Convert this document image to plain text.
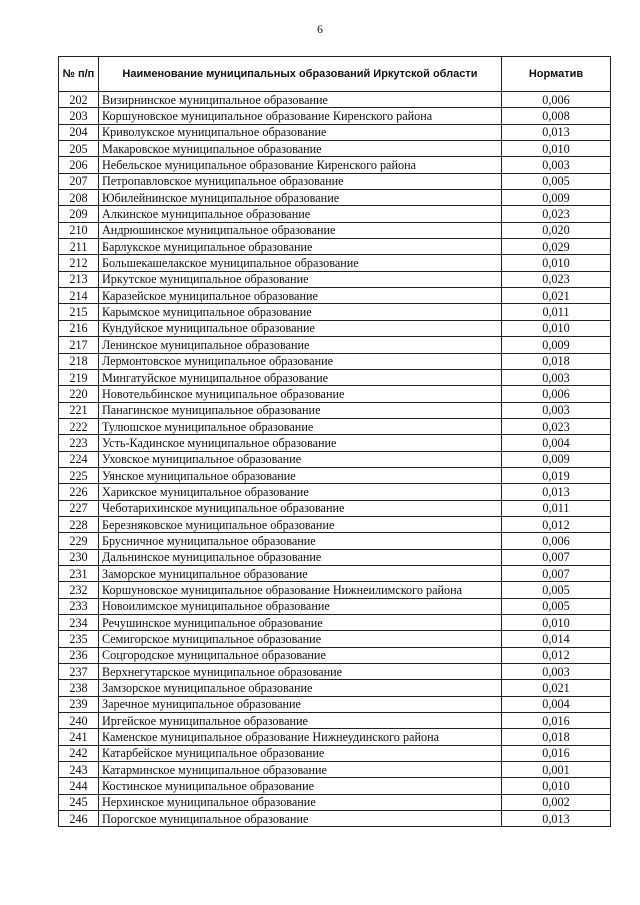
6
№ п/п	Наименование муниципальных образований Иркутской области	Норматив
202	Визирнинское муниципальное образование	0,006
203	Коршуновское муниципальное образование Киренского района	0,008
204	Криволукское муниципальное образование	0,013
205	Макаровское муниципальное образование	0,010
206	Небельское муниципальное образование Киренского района	0,003
207	Петропавловское муниципальное образование	0,005
208	Юбилейнинское муниципальное образование	0,009
209	Алкинское муниципальное образование	0,023
210	Андрюшинское муниципальное образование	0,020
211	Барлукское муниципальное образование	0,029
212	Большекашелакское муниципальное образование	0,010
213	Иркутское муниципальное образование	0,023
214	Каразейское муниципальное образование	0,021
215	Карымское муниципальное образование	0,011
216	Кундуйское муниципальное образование	0,010
217	Ленинское муниципальное образование	0,009
218	Лермонтовское муниципальное образование	0,018
219	Мингатуйское муниципальное образование	0,003
220	Новотельбинское муниципальное образование	0,006
221	Панагинское муниципальное образование	0,003
222	Тулюшское муниципальное образование	0,023
223	Усть-Кадинское муниципальное образование	0,004
224	Уховское муниципальное образование	0,009
225	Уянское муниципальное образование	0,019
226	Харикское муниципальное образование	0,013
227	Чеботарихинское муниципальное образование	0,011
228	Березняковское муниципальное образование	0,012
229	Брусничное муниципальное образование	0,006
230	Дальнинское муниципальное образование	0,007
231	Заморское муниципальное образование	0,007
232	Коршуновское муниципальное образование Нижнеилимского района	0,005
233	Новоилимское муниципальное образование	0,005
234	Речушинское муниципальное образование	0,010
235	Семигорское муниципальное образование	0,014
236	Соцгородское муниципальное образование	0,012
237	Верхнегутарское муниципальное образование	0,003
238	Замзорское муниципальное образование	0,021
239	Заречное муниципальное образование	0,004
240	Иргейское муниципальное образование	0,016
241	Каменское муниципальное образование Нижнеудинского района	0,018
242	Катарбейское муниципальное образование	0,016
243	Катарминское муниципальное образование	0,001
244	Костинское муниципальное образование	0,010
245	Нерхинское муниципальное образование	0,002
246	Порогское муниципальное образование	0,013
